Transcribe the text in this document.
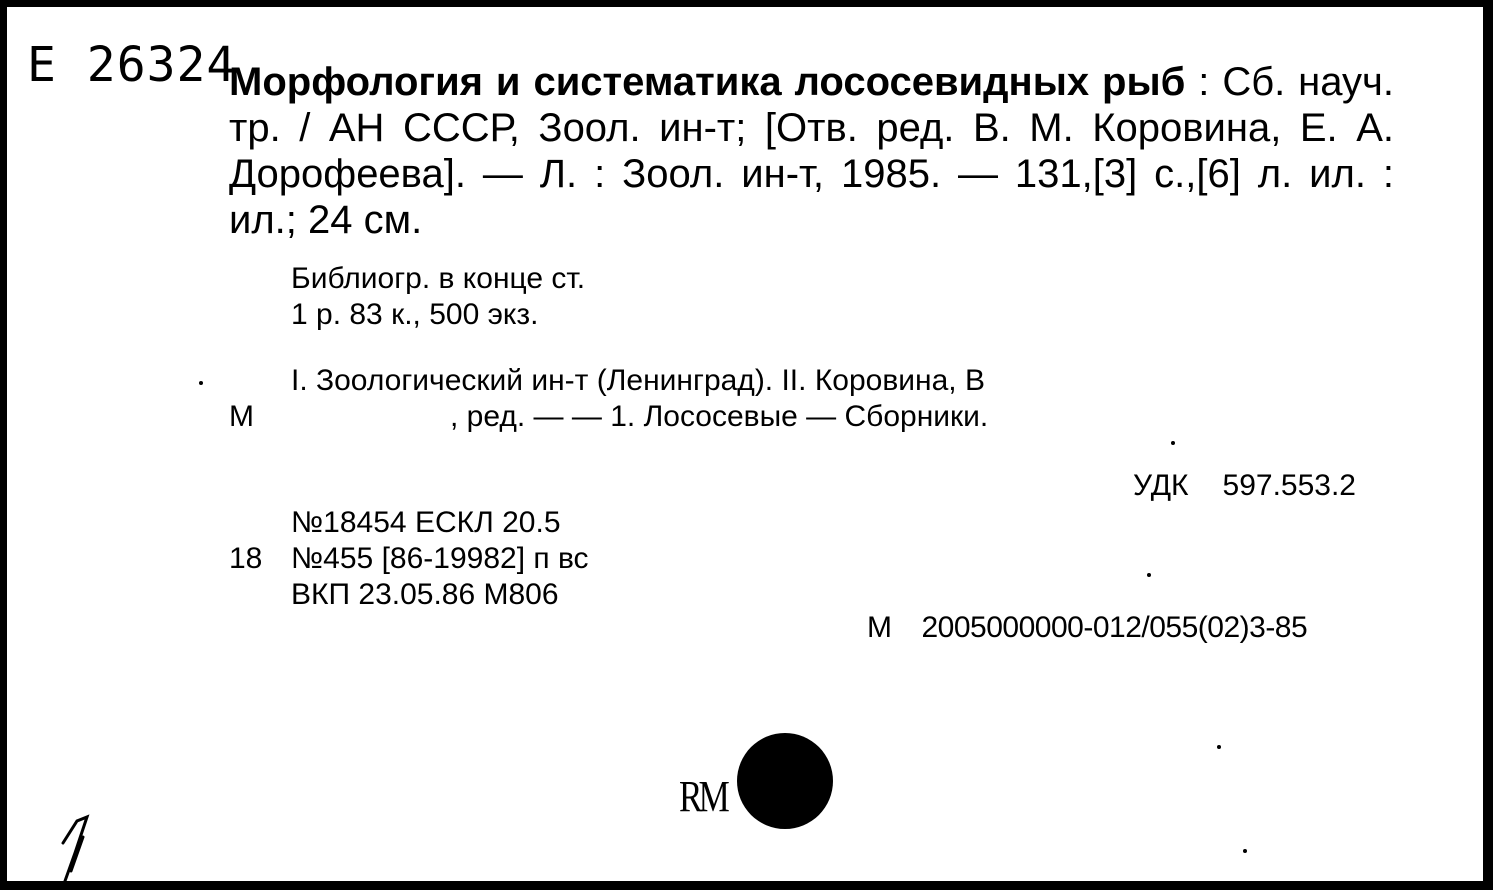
Е 26324
Морфология и систематика лососевидных рыб : Сб. науч. тр. / АН СССР, Зоол. ин-т; [Отв. ред. В. М. Коровина, Е. А. Дорофеева]. — Л. : Зоол. ин-т, 1985. — 131,[3] с.,[6] л. ил. : ил.; 24 см.
Библиогр. в конце ст.
1 р. 83 к., 500 экз.
I. Зоологический ин-т (Ленинград). II. Коровина, В
М	, ред. — — 1. Лососевые — Сборники.
УДК 597.553.2
№18454 ЕСКЛ 20.5
18 №455 [86-19982] п вс
ВКП 23.05.86 М806
М 2005000000-012/055(02)3-85
RM
